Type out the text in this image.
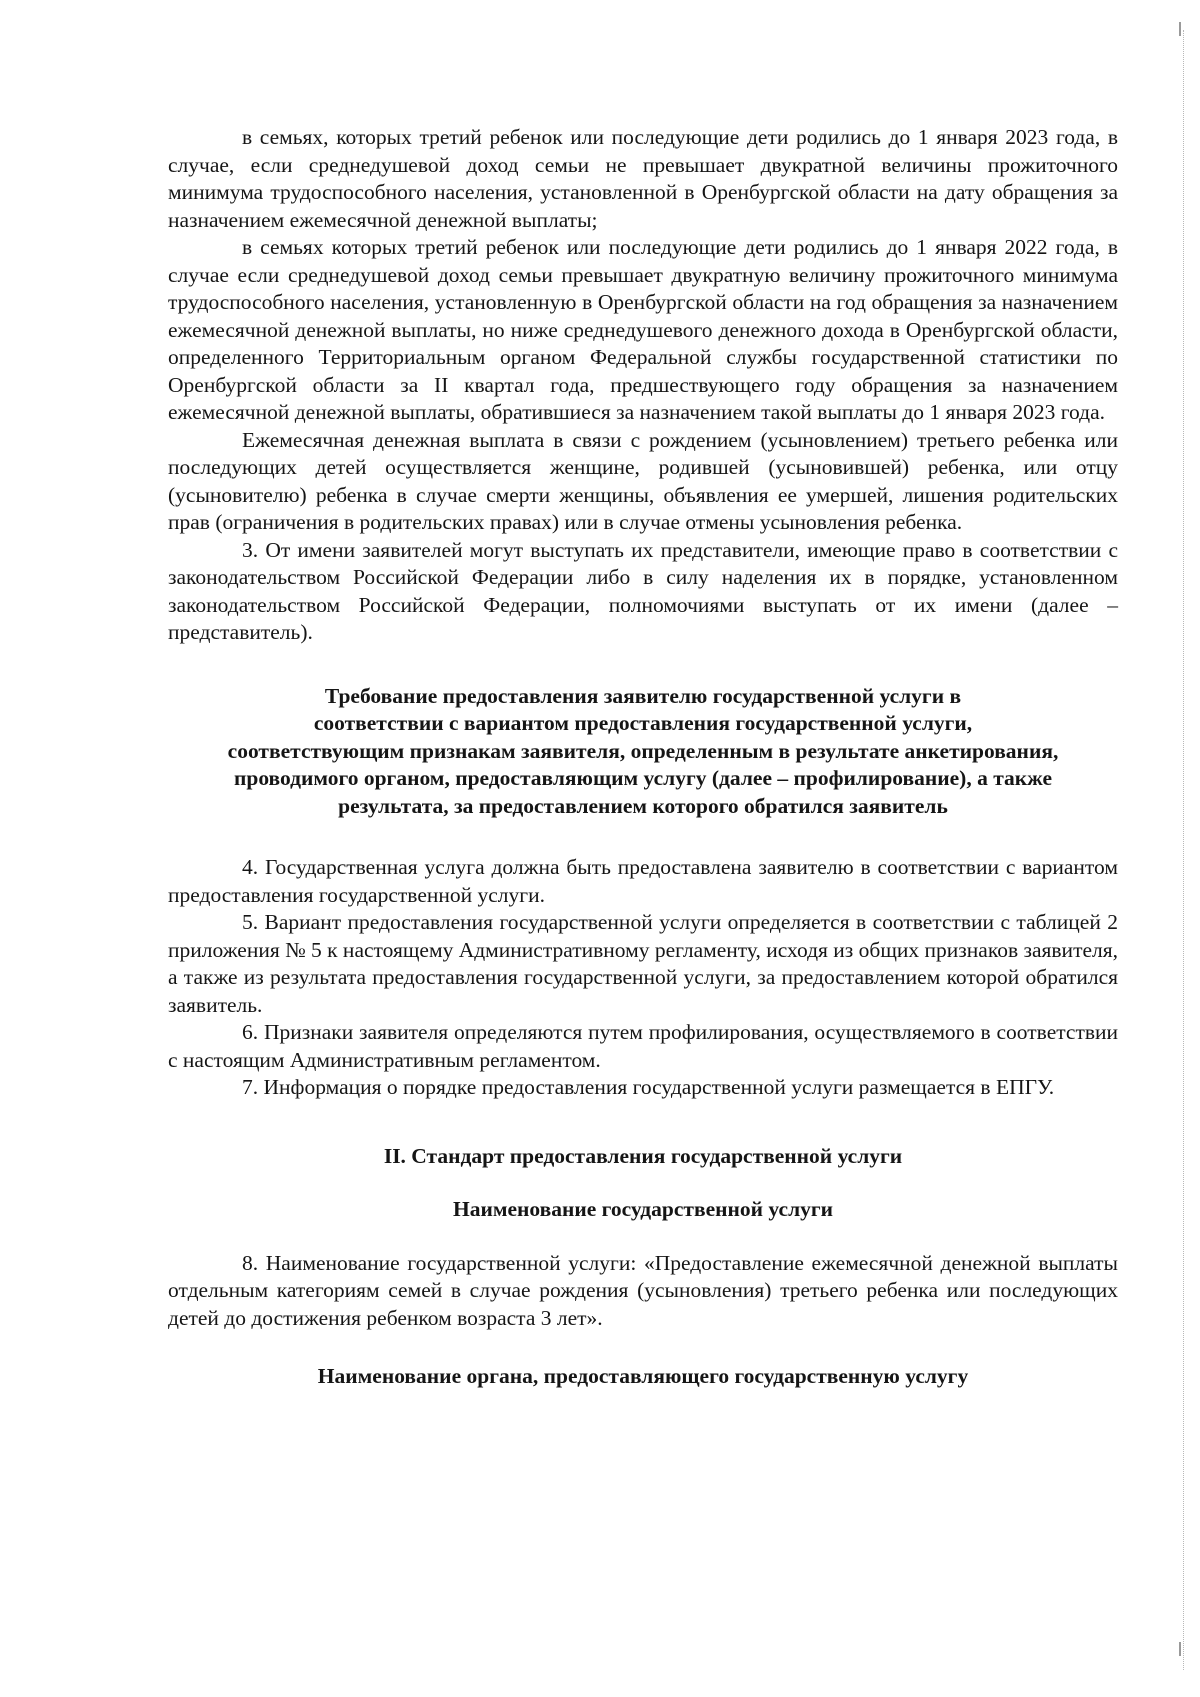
в семьях, которых третий ребенок или последующие дети родились до 1 января 2023 года, в случае, если среднедушевой доход семьи не превышает двукратной величины прожиточного минимума трудоспособного населения, установленной в Оренбургской области на дату обращения за назначением ежемесячной денежной выплаты;

в семьях которых третий ребенок или последующие дети родились до 1 января 2022 года, в случае если среднедушевой доход семьи превышает двукратную величину прожиточного минимума трудоспособного населения, установленную в Оренбургской области на год обращения за назначением ежемесячной денежной выплаты, но ниже среднедушевого денежного дохода в Оренбургской области, определенного Территориальным органом Федеральной службы государственной статистики по Оренбургской области за II квартал года, предшествующего году обращения за назначением ежемесячной денежной выплаты, обратившиеся за назначением такой выплаты до 1 января 2023 года.

Ежемесячная денежная выплата в связи с рождением (усыновлением) третьего ребенка или последующих детей осуществляется женщине, родившей (усыновившей) ребенка, или отцу (усыновителю) ребенка в случае смерти женщины, объявления ее умершей, лишения родительских прав (ограничения в родительских правах) или в случае отмены усыновления ребенка.

3. От имени заявителей могут выступать их представители, имеющие право в соответствии с законодательством Российской Федерации либо в силу наделения их в порядке, установленном законодательством Российской Федерации, полномочиями выступать от их имени (далее – представитель).

Требование предоставления заявителю государственной услуги в
соответствии с вариантом предоставления государственной услуги,
соответствующим признакам заявителя, определенным в результате анкетирования,
проводимого органом, предоставляющим услугу (далее – профилирование), а также
результата, за предоставлением которого обратился заявитель

4. Государственная услуга должна быть предоставлена заявителю в соответствии с вариантом предоставления государственной услуги.

5. Вариант предоставления государственной услуги определяется в соответствии с таблицей 2 приложения № 5 к настоящему Административному регламенту, исходя из общих признаков заявителя, а также из результата предоставления государственной услуги, за предоставлением которой обратился заявитель.

6. Признаки заявителя определяются путем профилирования, осуществляемого в соответствии с настоящим Административным регламентом.

7. Информация о порядке предоставления государственной услуги размещается в ЕПГУ.

II. Стандарт предоставления государственной услуги
Наименование государственной услуги

8. Наименование государственной услуги: «Предоставление ежемесячной денежной выплаты отдельным категориям семей в случае рождения (усыновления) третьего ребенка или последующих детей до достижения ребенком возраста 3 лет».

Наименование органа, предоставляющего государственную услугу
